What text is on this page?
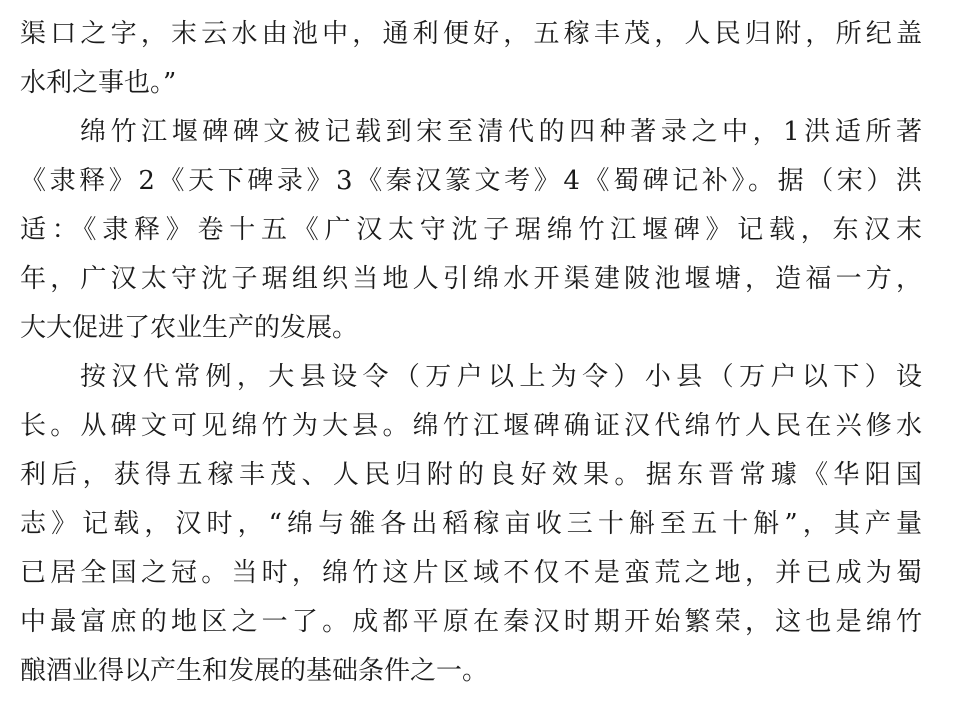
渠口之字，末云水由池中，通利便好，五稼丰茂，人民归附，所纪盖
水利之事也。”
绵竹江堰碑碑文被记载到宋至清代的四种著录之中，1洪适所著
《隶释》2《天下碑录》3《秦汉篆文考》4《蜀碑记补》。据（宋）洪
适：《隶释》卷十五《广汉太守沈子琚绵竹江堰碑》记载，东汉末
年，广汉太守沈子琚组织当地人引绵水开渠建陂池堰塘，造福一方，
大大促进了农业生产的发展。
按汉代常例，大县设令（万户以上为令）小县（万户以下）设
长。从碑文可见绵竹为大县。绵竹江堰碑确证汉代绵竹人民在兴修水
利后，获得五稼丰茂、人民归附的良好效果。据东晋常璩《华阳国
志》记载，汉时，“绵与雒各出稻稼亩收三十斛至五十斛”，其产量
已居全国之冠。当时，绵竹这片区域不仅不是蛮荒之地，并已成为蜀
中最富庶的地区之一了。成都平原在秦汉时期开始繁荣，这也是绵竹
酿酒业得以产生和发展的基础条件之一。
